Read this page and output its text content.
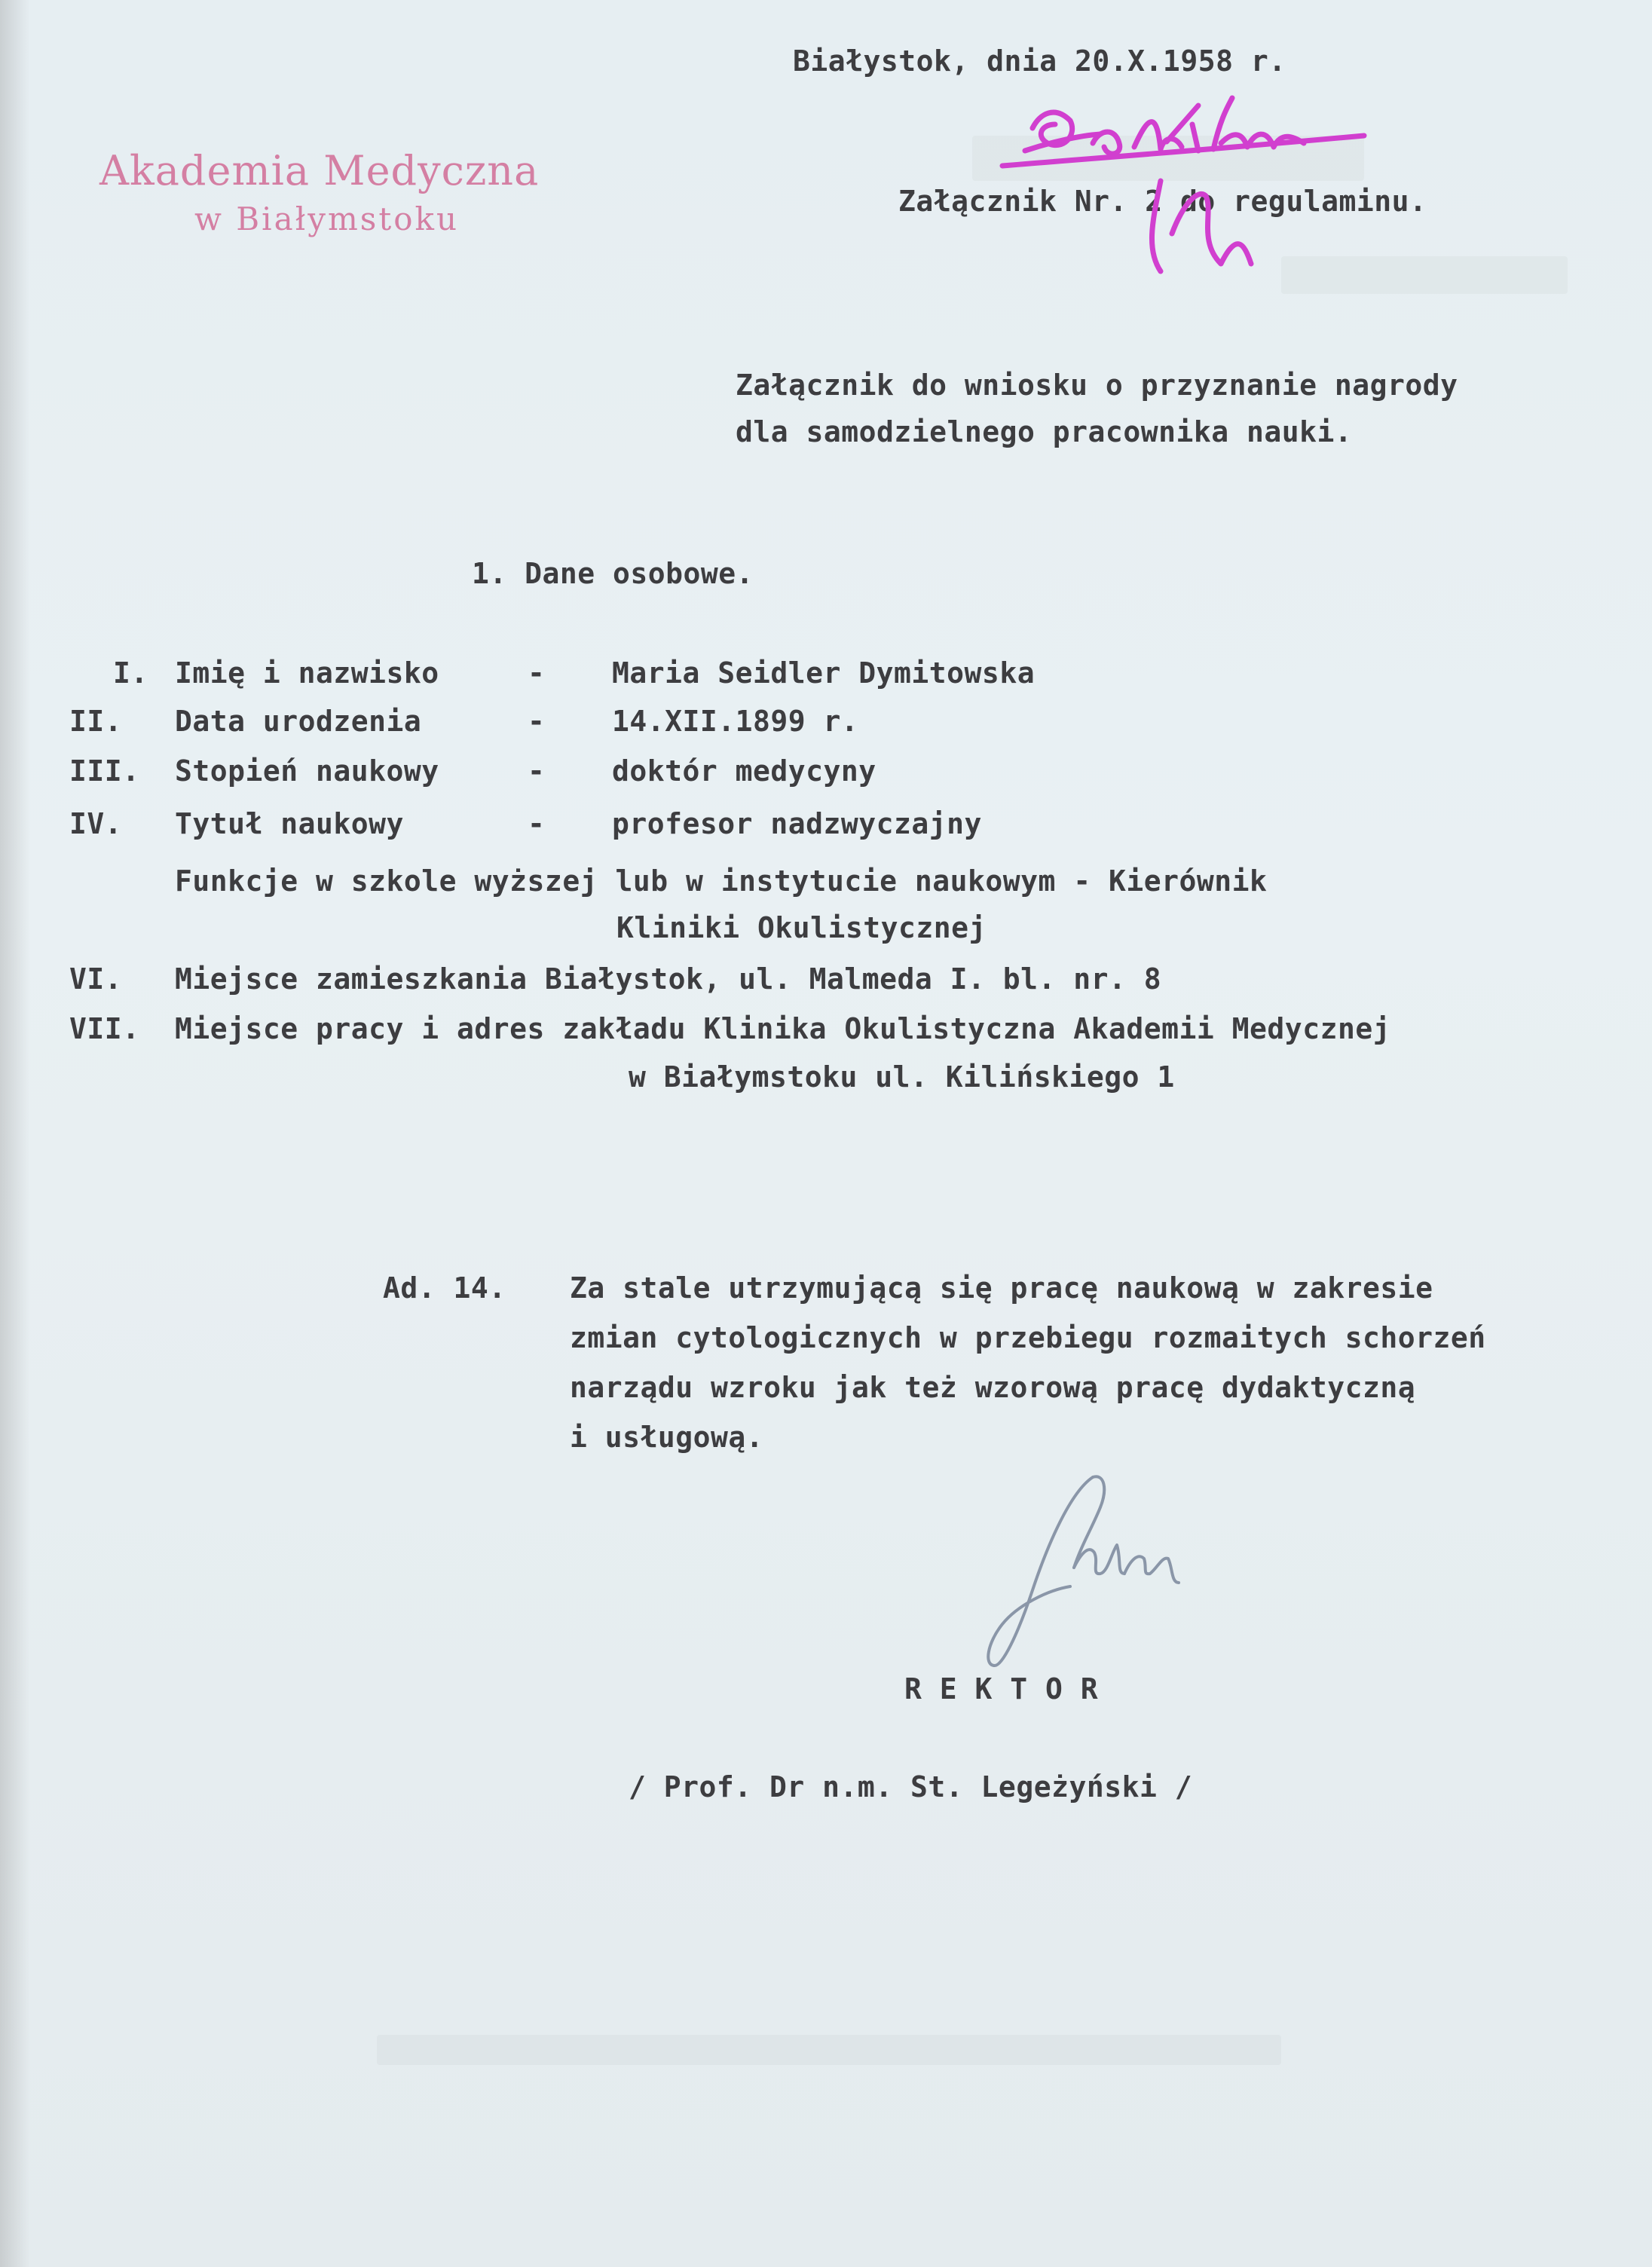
Białystok, dnia 20.X.1958 r.
Akademia Medyczna
w Białymstoku	Załącznik Nr. 2 do regulaminu.
Załącznik do wniosku o przyznanie nagrody
dla samodzielnego pracownika nauki.
1. Dane osobowe.
I. Imię i nazwisko	- Maria Seidler Dymitowska
II. Data urodzenia	- 14.XII.1899 r.
III. Stopień naukowy	- doktór medycyny
IV. Tytuł naukowy	- profesor nadzwyczajny
Funkcje w szkole wyższej lub w instytucie naukowym - Kierównik
Kliniki Okulistycznej
VI. Miejsce zamieszkania Białystok, ul. Malmeda I. bl. nr. 8
VII. Miejsce pracy i adres zakładu Klinika Okulistyczna Akademii Medycznej
w Białymstoku ul. Kilińskiego 1
Ad. 14. Za stale utrzymującą się pracę naukową w zakresie
zmian cytologicznych w przebiegu rozmaitych schorzeń
narządu wzroku jak też wzorową pracę dydaktyczną
i usługową.
R E K T O R
/ Prof. Dr n.m. St. Legeżyński /
